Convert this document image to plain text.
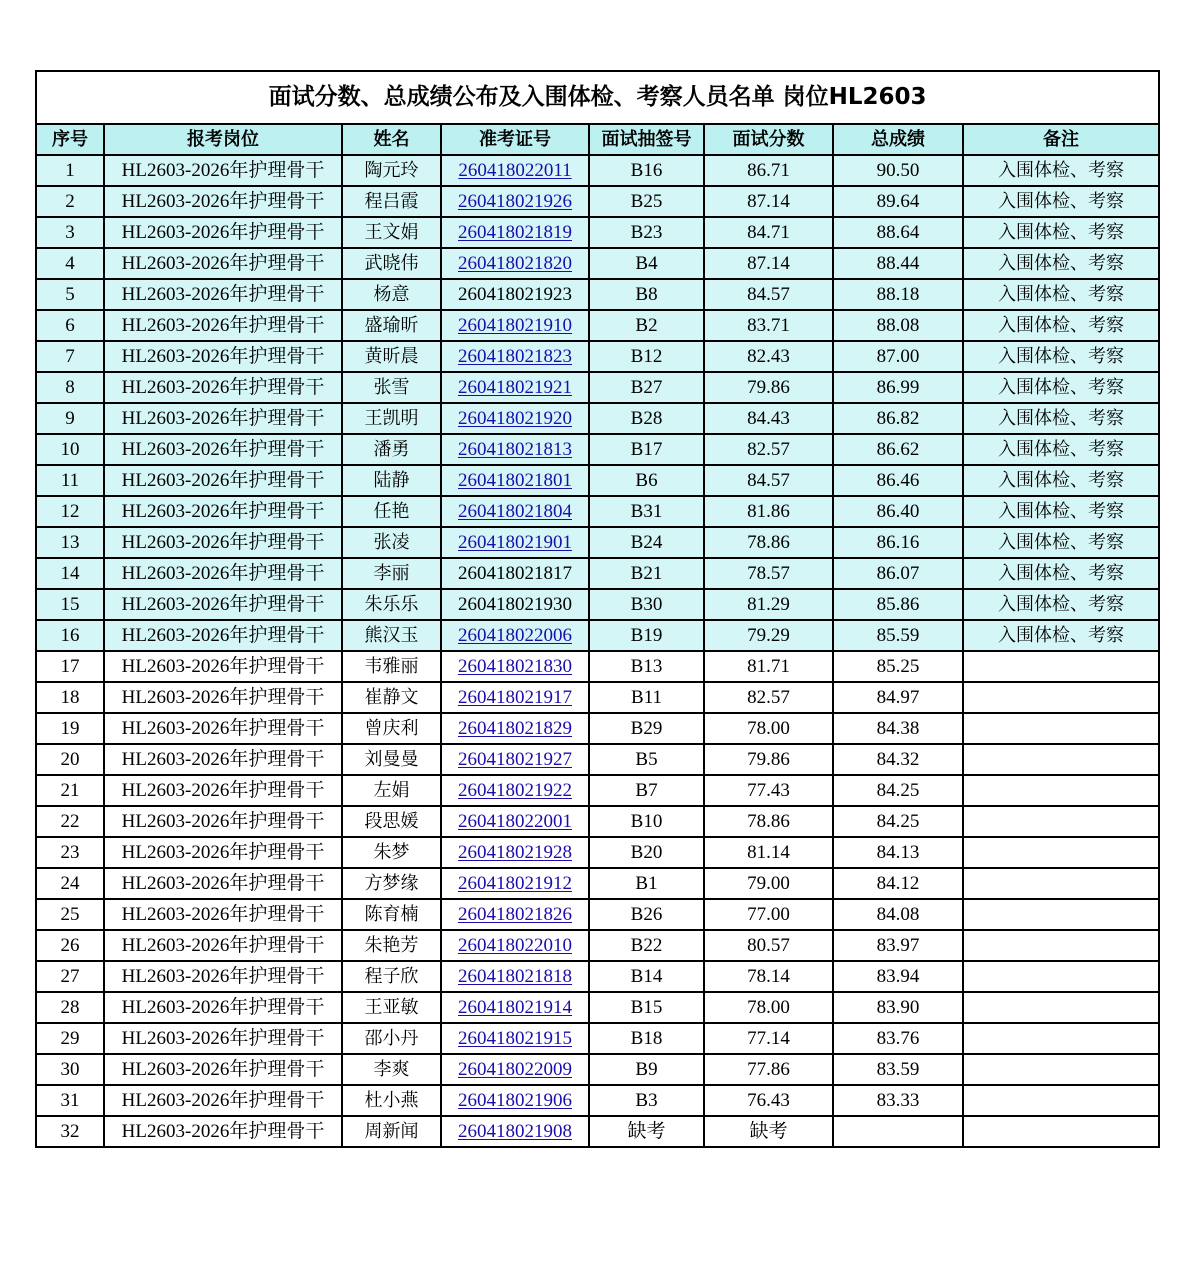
面试分数、总成绩公布及入围体检、考察人员名单 岗位HL2603							
序号	报考岗位	姓名	准考证号	面试抽签号	面试分数	总成绩	备注
1	HL2603-2026年护理骨干	陶元玲	260418022011	B16	86.71	90.50	入围体检、考察
2	HL2603-2026年护理骨干	程吕霞	260418021926	B25	87.14	89.64	入围体检、考察
3	HL2603-2026年护理骨干	王文娟	260418021819	B23	84.71	88.64	入围体检、考察
4	HL2603-2026年护理骨干	武晓伟	260418021820	B4	87.14	88.44	入围体检、考察
5	HL2603-2026年护理骨干	杨意	260418021923	B8	84.57	88.18	入围体检、考察
6	HL2603-2026年护理骨干	盛瑜昕	260418021910	B2	83.71	88.08	入围体检、考察
7	HL2603-2026年护理骨干	黄昕晨	260418021823	B12	82.43	87.00	入围体检、考察
8	HL2603-2026年护理骨干	张雪	260418021921	B27	79.86	86.99	入围体检、考察
9	HL2603-2026年护理骨干	王凯明	260418021920	B28	84.43	86.82	入围体检、考察
10	HL2603-2026年护理骨干	潘勇	260418021813	B17	82.57	86.62	入围体检、考察
11	HL2603-2026年护理骨干	陆静	260418021801	B6	84.57	86.46	入围体检、考察
12	HL2603-2026年护理骨干	任艳	260418021804	B31	81.86	86.40	入围体检、考察
13	HL2603-2026年护理骨干	张凌	260418021901	B24	78.86	86.16	入围体检、考察
14	HL2603-2026年护理骨干	李丽	260418021817	B21	78.57	86.07	入围体检、考察
15	HL2603-2026年护理骨干	朱乐乐	260418021930	B30	81.29	85.86	入围体检、考察
16	HL2603-2026年护理骨干	熊汉玉	260418022006	B19	79.29	85.59	入围体检、考察
17	HL2603-2026年护理骨干	韦雅丽	260418021830	B13	81.71	85.25	
18	HL2603-2026年护理骨干	崔静文	260418021917	B11	82.57	84.97	
19	HL2603-2026年护理骨干	曾庆利	260418021829	B29	78.00	84.38	
20	HL2603-2026年护理骨干	刘曼曼	260418021927	B5	79.86	84.32	
21	HL2603-2026年护理骨干	左娟	260418021922	B7	77.43	84.25	
22	HL2603-2026年护理骨干	段思媛	260418022001	B10	78.86	84.25	
23	HL2603-2026年护理骨干	朱梦	260418021928	B20	81.14	84.13	
24	HL2603-2026年护理骨干	方梦缘	260418021912	B1	79.00	84.12	
25	HL2603-2026年护理骨干	陈育楠	260418021826	B26	77.00	84.08	
26	HL2603-2026年护理骨干	朱艳芳	260418022010	B22	80.57	83.97	
27	HL2603-2026年护理骨干	程子欣	260418021818	B14	78.14	83.94	
28	HL2603-2026年护理骨干	王亚敏	260418021914	B15	78.00	83.90	
29	HL2603-2026年护理骨干	邵小丹	260418021915	B18	77.14	83.76	
30	HL2603-2026年护理骨干	李爽	260418022009	B9	77.86	83.59	
31	HL2603-2026年护理骨干	杜小燕	260418021906	B3	76.43	83.33	
32	HL2603-2026年护理骨干	周新闻	260418021908	缺考	缺考		
